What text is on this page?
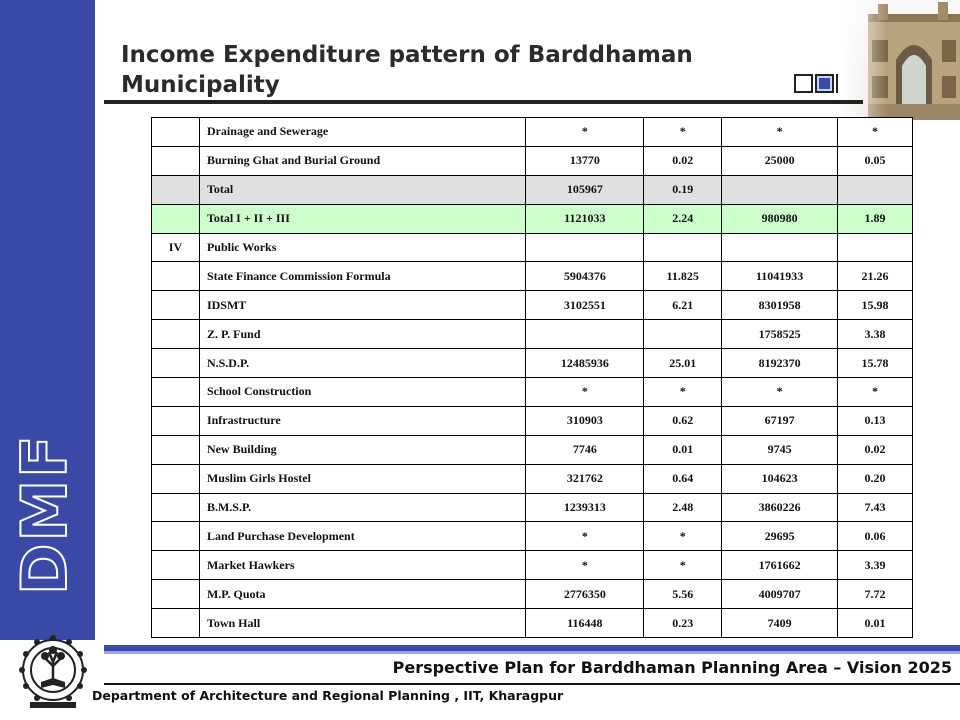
DMF
Income Expenditure pattern of Barddhaman Municipality
	Drainage and Sewerage	*	*	*	*
	Burning Ghat and Burial Ground	13770	0.02	25000	0.05
	Total	105967	0.19		
	Total I + II + III	1121033	2.24	980980	1.89
IV	Public Works				
	State Finance Commission Formula	5904376	11.825	11041933	21.26
	IDSMT	3102551	6.21	8301958	15.98
	Z. P. Fund			1758525	3.38
	N.S.D.P.	12485936	25.01	8192370	15.78
	School Construction	*	*	*	*
	Infrastructure	310903	0.62	67197	0.13
	New Building	7746	0.01	9745	0.02
	Muslim Girls Hostel	321762	0.64	104623	0.20
	B.M.S.P.	1239313	2.48	3860226	7.43
	Land Purchase Development	*	*	29695	0.06
	Market Hawkers	*	*	1761662	3.39
	M.P. Quota	2776350	5.56	4009707	7.72
	Town Hall	116448	0.23	7409	0.01
Perspective Plan for Barddhaman Planning Area – Vision 2025
Department of Architecture and Regional Planning , IIT, Kharagpur
